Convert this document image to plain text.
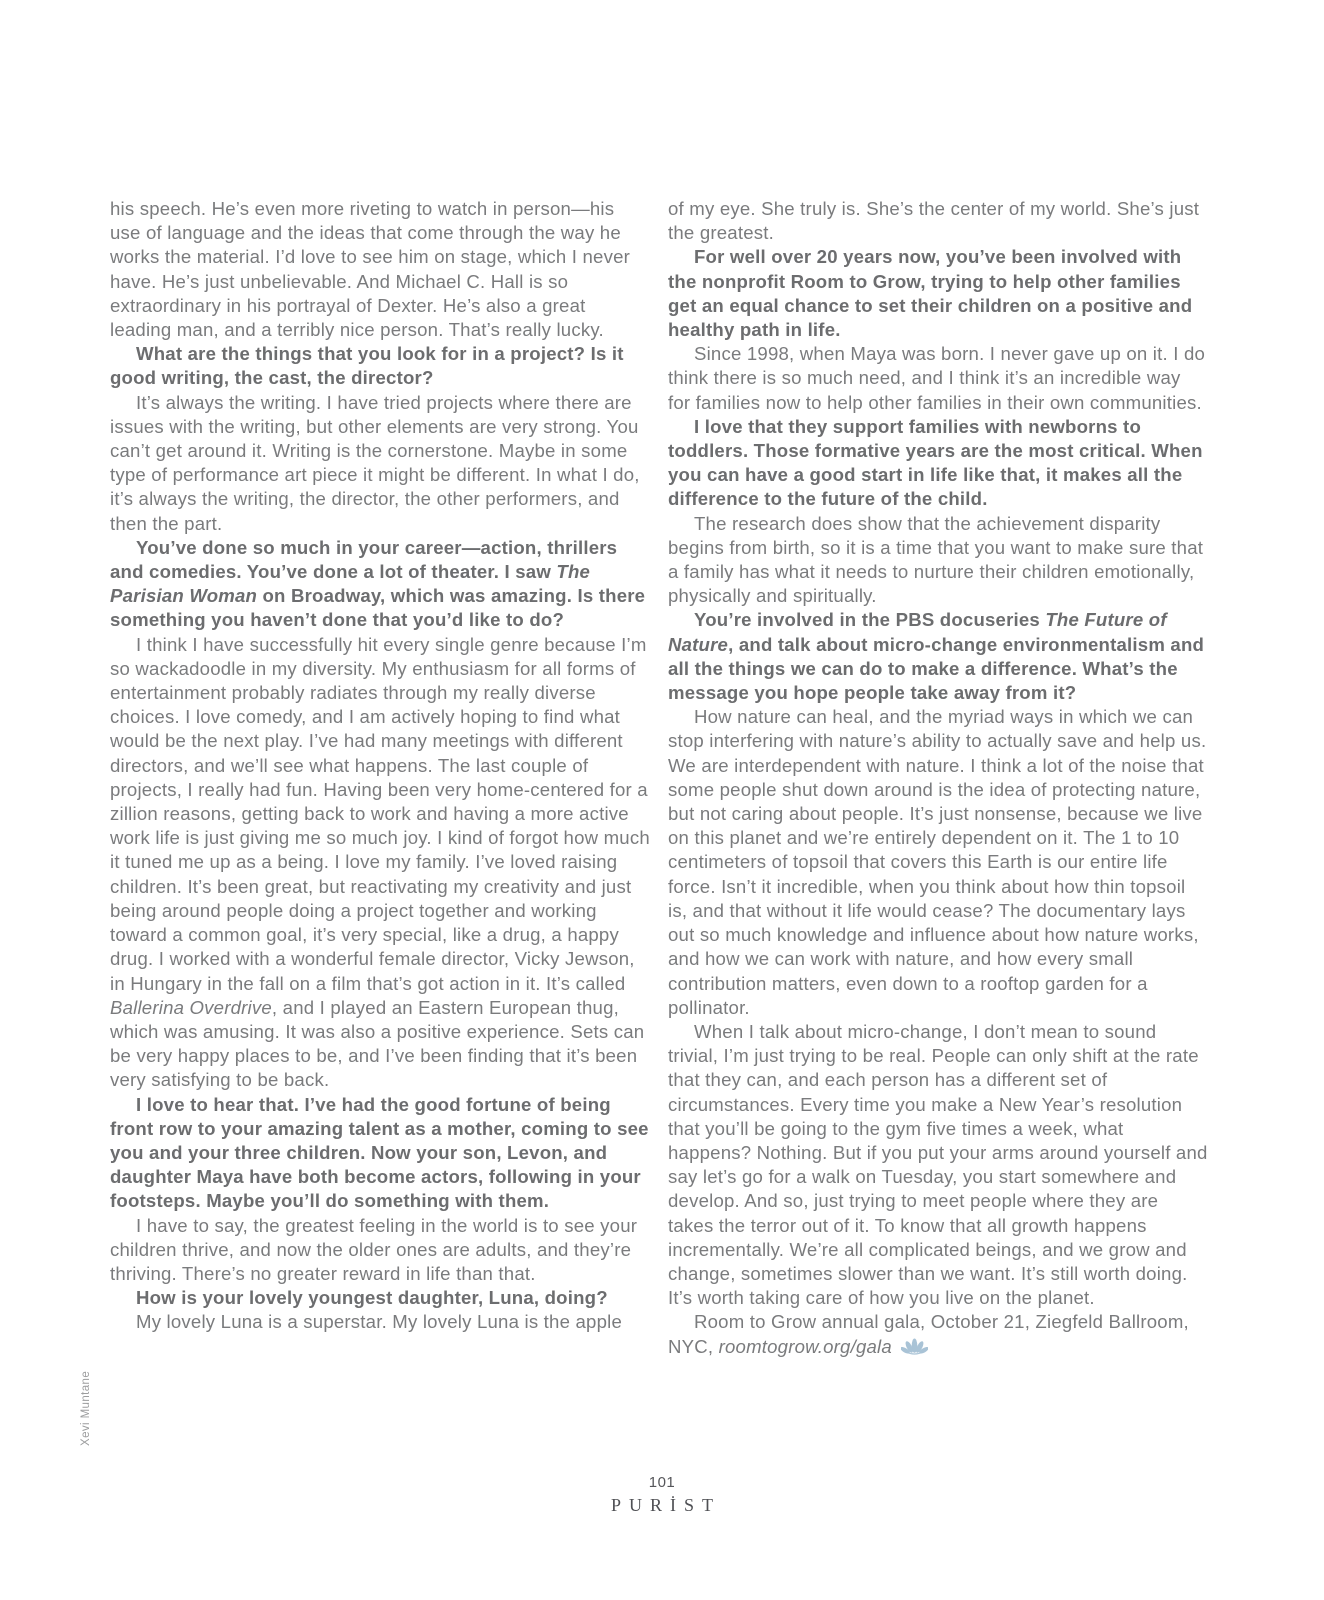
his speech. He’s even more riveting to watch in person—his use of language and the ideas that come through the way he works the material. I’d love to see him on stage, which I never have. He’s just unbelievable. And Michael C. Hall is so extraordinary in his portrayal of Dexter. He’s also a great leading man, and a terribly nice person. That’s really lucky.

What are the things that you look for in a project? Is it good writing, the cast, the director?

It’s always the writing. I have tried projects where there are issues with the writing, but other elements are very strong. You can’t get around it. Writing is the cornerstone. Maybe in some type of performance art piece it might be different. In what I do, it’s always the writing, the director, the other performers, and then the part.

You’ve done so much in your career—action, thrillers and comedies. You’ve done a lot of theater. I saw The Parisian Woman on Broadway, which was amazing. Is there something you haven’t done that you’d like to do?

I think I have successfully hit every single genre because I’m so wackadoodle in my diversity. My enthusiasm for all forms of entertainment probably radiates through my really diverse choices. I love comedy, and I am actively hoping to find what would be the next play. I’ve had many meetings with different directors, and we’ll see what happens. The last couple of projects, I really had fun. Having been very home-centered for a zillion reasons, getting back to work and having a more active work life is just giving me so much joy. I kind of forgot how much it tuned me up as a being. I love my family. I’ve loved raising children. It’s been great, but reactivating my creativity and just being around people doing a project together and working toward a common goal, it’s very special, like a drug, a happy drug. I worked with a wonderful female director, Vicky Jewson, in Hungary in the fall on a film that’s got action in it. It’s called Ballerina Overdrive, and I played an Eastern European thug, which was amusing. It was also a positive experience. Sets can be very happy places to be, and I’ve been finding that it’s been very satisfying to be back.

I love to hear that. I’ve had the good fortune of being front row to your amazing talent as a mother, coming to see you and your three children. Now your son, Levon, and daughter Maya have both become actors, following in your footsteps. Maybe you’ll do something with them.

I have to say, the greatest feeling in the world is to see your children thrive, and now the older ones are adults, and they’re thriving. There’s no greater reward in life than that.

How is your lovely youngest daughter, Luna, doing?

My lovely Luna is a superstar. My lovely Luna is the apple

of my eye. She truly is. She’s the center of my world. She’s just the greatest.

For well over 20 years now, you’ve been involved with the nonprofit Room to Grow, trying to help other families get an equal chance to set their children on a positive and healthy path in life.

Since 1998, when Maya was born. I never gave up on it. I do think there is so much need, and I think it’s an incredible way for families now to help other families in their own communities.

I love that they support families with newborns to toddlers. Those formative years are the most critical. When you can have a good start in life like that, it makes all the difference to the future of the child.

The research does show that the achievement disparity begins from birth, so it is a time that you want to make sure that a family has what it needs to nurture their children emotionally, physically and spiritually.

You’re involved in the PBS docuseries The Future of Nature, and talk about micro-change environmentalism and all the things we can do to make a difference. What’s the message you hope people take away from it?

How nature can heal, and the myriad ways in which we can stop interfering with nature’s ability to actually save and help us. We are interdependent with nature. I think a lot of the noise that some people shut down around is the idea of protecting nature, but not caring about people. It’s just nonsense, because we live on this planet and we’re entirely dependent on it. The 1 to 10 centimeters of topsoil that covers this Earth is our entire life force. Isn’t it incredible, when you think about how thin topsoil is, and that without it life would cease? The documentary lays out so much knowledge and influence about how nature works, and how we can work with nature, and how every small contribution matters, even down to a rooftop garden for a pollinator.

When I talk about micro-change, I don’t mean to sound trivial, I’m just trying to be real. People can only shift at the rate that they can, and each person has a different set of circumstances. Every time you make a New Year’s resolution that you’ll be going to the gym five times a week, what happens? Nothing. But if you put your arms around yourself and say let’s go for a walk on Tuesday, you start somewhere and develop. And so, just trying to meet people where they are takes the terror out of it. To know that all growth happens incrementally. We’re all complicated beings, and we grow and change, sometimes slower than we want. It’s still worth doing. It’s worth taking care of how you live on the planet.

Room to Grow annual gala, October 21, Ziegfeld Ballroom, NYC, roomtogrow.org/gala

Xevi Muntane
101
PURİST
